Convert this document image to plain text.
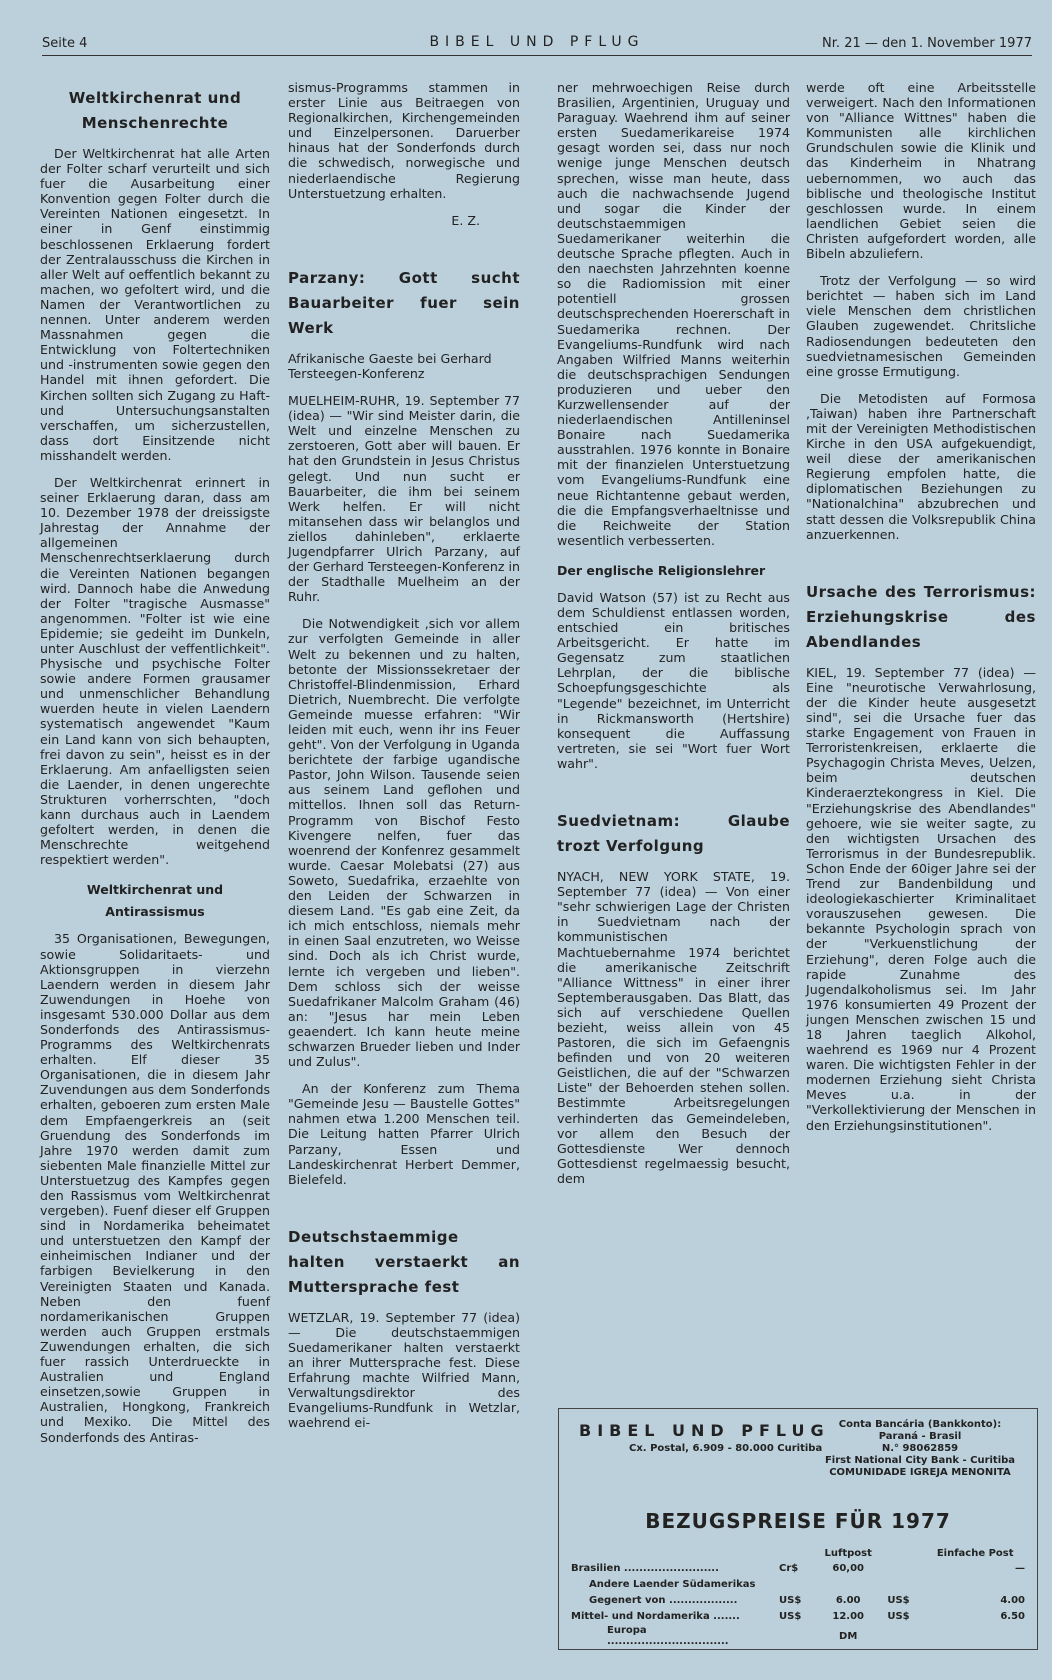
Seite 4	BIBEL UND PFLUG	Nr. 21 — den 1. November 1977
Weltkirchenrat und Menschenrechte

Der Weltkirchenrat hat alle Arten der Folter scharf verurteilt und sich fuer die Ausarbeitung einer Konvention gegen Folter durch die Vereinten Nationen eingesetzt. In einer in Genf einstimmig beschlossenen Erklaerung fordert der Zentralausschuss die Kirchen in aller Welt auf oeffentlich bekannt zu machen, wo gefoltert wird, und die Namen der Verantwortlichen zu nennen. Unter anderem werden Massnahmen gegen die Entwicklung von Foltertechniken und -instrumenten sowie gegen den Handel mit ihnen gefordert. Die Kirchen sollten sich Zugang zu Haft- und Untersuchungsanstalten verschaffen, um sicherzustellen, dass dort Einsitzende nicht misshandelt werden.

Der Weltkirchenrat erinnert in seiner Erklaerung daran, dass am 10. Dezember 1978 der dreissigste Jahrestag der Annahme der allgemeinen Menschenrechtserklaerung durch die Vereinten Nationen begangen wird. Dannoch habe die Anwedung der Folter "tragische Ausmasse" angenommen. "Folter ist wie eine Epidemie; sie gedeiht im Dunkeln, unter Auschlust der veffentlichkeit". Physische und psychische Folter sowie andere Formen grausamer und unmenschlicher Behandlung wuerden heute in vielen Laendern systematisch angewendet "Kaum ein Land kann von sich behaupten, frei davon zu sein", heisst es in der Erklaerung. Am anfaelligsten seien die Laender, in denen ungerechte Strukturen vorherrschten, "doch kann durchaus auch in Laendem gefoltert werden, in denen die Menschrechte weitgehend respektiert werden".

Weltkirchenrat und Antirassismus

35 Organisationen, Bewegungen, sowie Solidaritaets- und Aktionsgruppen in vierzehn Laendern werden in diesem Jahr Zuwendungen in Hoehe von insgesamt 530.000 Dollar aus dem Sonderfonds des Antirassismus-Programms des Weltkirchenrats erhalten. Elf dieser 35 Organisationen, die in diesem Jahr Zuvendungen aus dem Sonderfonds erhalten, geboeren zum ersten Male dem Empfaengerkreis an (seit Gruendung des Sonderfonds im Jahre 1970 werden damit zum siebenten Male finanzielle Mittel zur Unterstuetzug des Kampfes gegen den Rassismus vom Weltkirchenrat vergeben). Fuenf dieser elf Gruppen sind in Nordamerika beheimatet und unterstuetzen den Kampf der einheimischen Indianer und der farbigen Bevielkerung in den Vereinigten Staaten und Kanada. Neben den fuenf nordamerikanischen Gruppen werden auch Gruppen erstmals Zuwendungen erhalten, die sich fuer rassich Unterdrueckte in Australien und England einsetzen,sowie Gruppen in Australien, Hongkong, Frankreich und Mexiko. Die Mittel des Sonderfonds des Antiras-

sismus-Programms stammen in erster Linie aus Beitraegen von Regionalkirchen, Kirchengemeinden und Einzelpersonen. Daruerber hinaus hat der Sonderfonds durch die schwedisch, norwegische und niederlaendische Regierung Unterstuetzung erhalten.

E. Z.

Parzany: Gott sucht Bauarbeiter fuer sein Werk

Afrikanische Gaeste bei Gerhard Tersteegen-Konferenz

MUELHEIM-RUHR, 19. September 77 (idea) — "Wir sind Meister darin, die Welt und einzelne Menschen zu zerstoeren, Gott aber will bauen. Er hat den Grundstein in Jesus Christus gelegt. Und nun sucht er Bauarbeiter, die ihm bei seinem Werk helfen. Er will nicht mitansehen dass wir belanglos und ziellos dahinleben", erklaerte Jugendpfarrer Ulrich Parzany, auf der Gerhard Tersteegen-Konferenz in der Stadthalle Muelheim an der Ruhr.

Die Notwendigkeit ,sich vor allem zur verfolgten Gemeinde in aller Welt zu bekennen und zu halten, betonte der Missionssekretaer der Christoffel-Blindenmission, Erhard Dietrich, Nuembrecht. Die verfolgte Gemeinde muesse erfahren: "Wir leiden mit euch, wenn ihr ins Feuer geht". Von der Verfolgung in Uganda berichtete der farbige ugandische Pastor, John Wilson. Tausende seien aus seinem Land geflohen und mittellos. Ihnen soll das Return-Programm von Bischof Festo Kivengere nelfen, fuer das woenrend der Konfenrez gesammelt wurde. Caesar Molebatsi (27) aus Soweto, Suedafrika, erzaehlte von den Leiden der Schwarzen in diesem Land. "Es gab eine Zeit, da ich mich entschloss, niemals mehr in einen Saal enzutreten, wo Weisse sind. Doch als ich Christ wurde, lernte ich vergeben und lieben". Dem schloss sich der weisse Suedafrikaner Malcolm Graham (46) an: "Jesus har mein Leben geaendert. Ich kann heute meine schwarzen Brueder lieben und Inder und Zulus".

An der Konferenz zum Thema "Gemeinde Jesu — Baustelle Gottes" nahmen etwa 1.200 Menschen teil. Die Leitung hatten Pfarrer Ulrich Parzany, Essen und Landeskirchenrat Herbert Demmer, Bielefeld.

Deutschstaemmige halten verstaerkt an Muttersprache fest

WETZLAR, 19. September 77 (idea) — Die deutschstaemmigen Suedamerikaner halten verstaerkt an ihrer Muttersprache fest. Diese Erfahrung machte Wilfried Mann, Verwaltungsdirektor des Evangeliums-Rundfunk in Wetzlar, waehrend ei-

ner mehrwoechigen Reise durch Brasilien, Argentinien, Uruguay und Paraguay. Waehrend ihm auf seiner ersten Suedamerikareise 1974 gesagt worden sei, dass nur noch wenige junge Menschen deutsch sprechen, wisse man heute, dass auch die nachwachsende Jugend und sogar die Kinder der deutschstaemmigen Suedamerikaner weiterhin die deutsche Sprache pflegten. Auch in den naechsten Jahrzehnten koenne so die Radiomission mit einer potentiell grossen deutschsprechenden Hoererschaft in Suedamerika rechnen. Der Evangeliums-Rundfunk wird nach Angaben Wilfried Manns weiterhin die deutschsprachigen Sendungen produzieren und ueber den Kurzwellensender auf der niederlaendischen Antilleninsel Bonaire nach Suedamerika ausstrahlen. 1976 konnte in Bonaire mit der finanzielen Unterstuetzung vom Evangeliums-Rundfunk eine neue Richtantenne gebaut werden, die die Empfangsverhaeltnisse und die Reichweite der Station wesentlich verbesserten.

Der englische Religionslehrer

David Watson (57) ist zu Recht aus dem Schuldienst entlassen worden, entschied ein britisches Arbeitsgericht. Er hatte im Gegensatz zum staatlichen Lehrplan, der die biblische Schoepfungsgeschichte als "Legende" bezeichnet, im Unterricht in Rickmansworth (Hertshire) konsequent die Auffassung vertreten, sie sei "Wort fuer Wort wahr".

Suedvietnam: Glaube trozt Verfolgung

NYACH, NEW YORK STATE, 19. September 77 (idea) — Von einer "sehr schwierigen Lage der Christen in Suedvietnam nach der kommunistischen Machtuebernahme 1974 berichtet die amerikanische Zeitschrift "Alliance Wittness" in einer ihrer Septemberausgaben. Das Blatt, das sich auf verschiedene Quellen bezieht, weiss allein von 45 Pastoren, die sich im Gefaengnis befinden und von 20 weiteren Geistlichen, die auf der "Schwarzen Liste" der Behoerden stehen sollen. Bestimmte Arbeitsregelungen verhinderten das Gemeindeleben, vor allem den Besuch der Gottesdienste Wer dennoch Gottesdienst regelmaessig besucht, dem

werde oft eine Arbeitsstelle verweigert. Nach den Informationen von "Alliance Wittnes" haben die Kommunisten alle kirchlichen Grundschulen sowie die Klinik und das Kinderheim in Nhatrang uebernommen, wo auch das biblische und theologische Institut geschlossen wurde. In einem laendlichen Gebiet seien die Christen aufgefordert worden, alle Bibeln abzuliefern.

Trotz der Verfolgung — so wird berichtet — haben sich im Land viele Menschen dem christlichen Glauben zugewendet. Chritsliche Radiosendungen bedeuteten den suedvietnamesischen Gemeinden eine grosse Ermutigung.

Die Metodisten auf Formosa ,Taiwan) haben ihre Partnerschaft mit der Vereinigten Methodistischen Kirche in den USA aufgekuendigt, weil diese der amerikanischen Regierung empfolen hatte, die diplomatischen Beziehungen zu "Nationalchina" abzubrechen und statt dessen die Volksrepublik China anzuerkennen.

Ursache des Terrorismus: Erziehungskrise des Abendlandes

KIEL, 19. September 77 (idea) — Eine "neurotische Verwahrlosung, der die Kinder heute ausgesetzt sind", sei die Ursache fuer das starke Engagement von Frauen in Terroristenkreisen, erklaerte die Psychagogin Christa Meves, Uelzen, beim deutschen Kinderaerztekongress in Kiel. Die "Erziehungskrise des Abendlandes" gehoere, wie sie weiter sagte, zu den wichtigsten Ursachen des Terrorismus in der Bundesrepublik. Schon Ende der 60iger Jahre sei der Trend zur Bandenbildung und ideologiekaschierter Kriminalitaet vorauszusehen gewesen. Die bekannte Psychologin sprach von der "Verkuenstlichung der Erziehung", deren Folge auch die rapide Zunahme des Jugendalkoholismus sei. Im Jahr 1976 konsumierten 49 Prozent der jungen Menschen zwischen 15 und 18 Jahren taeglich Alkohol, waehrend es 1969 nur 4 Prozent waren. Die wichtigsten Fehler in der modernen Erziehung sieht Christa Meves u.a. in der "Verkollektivierung der Menschen in den Erziehungsinstitutionen".

BIBEL UND PFLUG
Cx. Postal, 6.909 - 80.000 Curitiba
Conta Bancária (Bankkonto):
Paraná - Brasil
N.° 98062859
First National City Bank - Curitiba
COMUNIDADE IGREJA MENONITA
BEZUGSPREISE FÜR 1977
		Luftpost		Einfache Post
Brasilien .........................	Cr$	60,00		—
Andere Laender Südamerikas				
Gegenert von ..................	US$	6.00	US$	4.00
Mittel- und Nordamerika .......	US$	12.00	US$	6.50
Europa ................................		DM		
